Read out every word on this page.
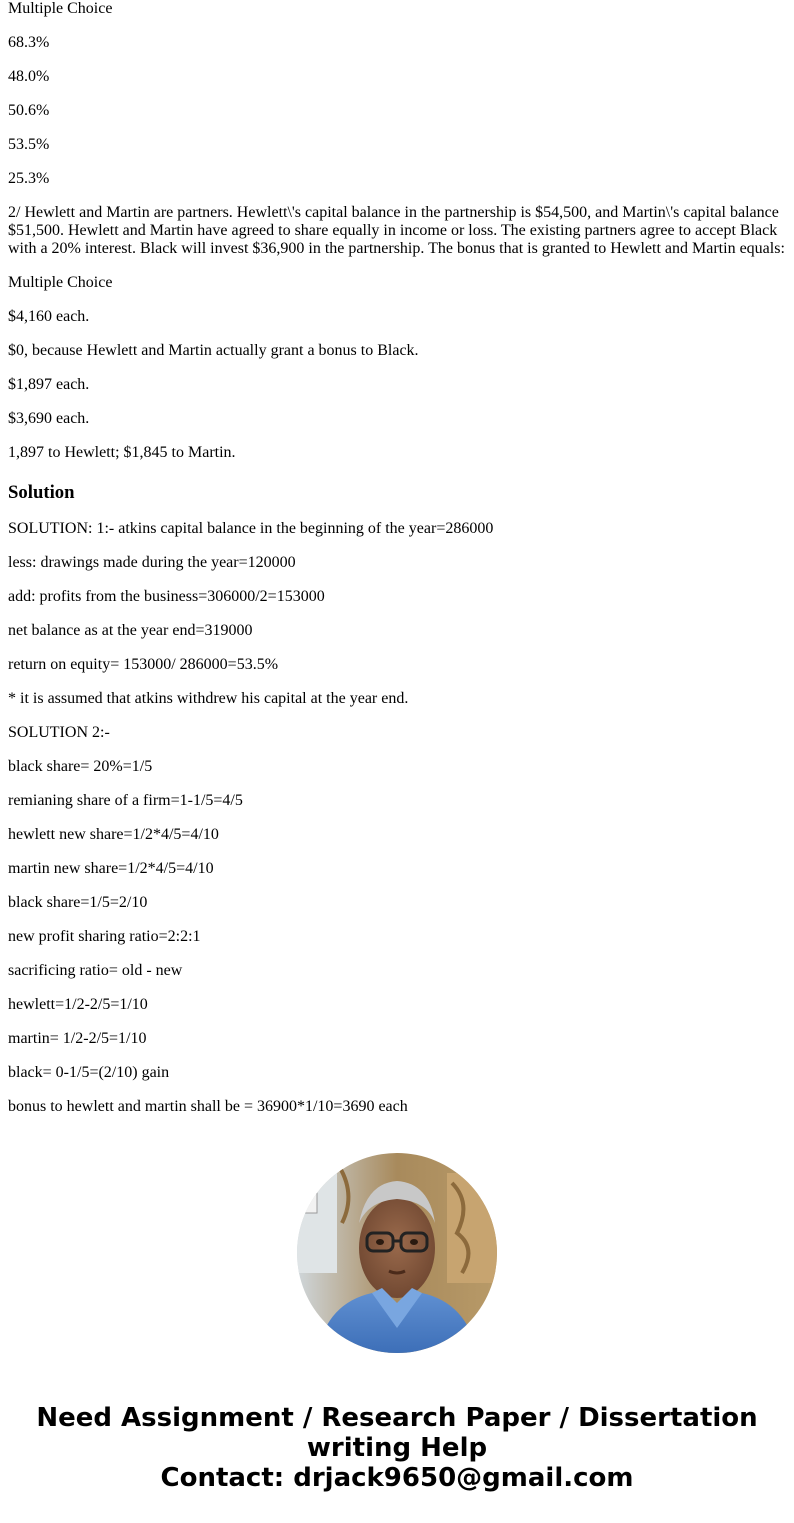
Multiple Choice

68.3%

48.0%

50.6%

53.5%

25.3%

2/ Hewlett and Martin are partners. Hewlett\'s capital balance in the partnership is $54,500, and Martin\'s capital balance $51,500. Hewlett and Martin have agreed to share equally in income or loss. The existing partners agree to accept Black with a 20% interest. Black will invest $36,900 in the partnership. The bonus that is granted to Hewlett and Martin equals:

Multiple Choice

$4,160 each.

$0, because Hewlett and Martin actually grant a bonus to Black.

$1,897 each.

$3,690 each.

1,897 to Hewlett; $1,845 to Martin.

Solution

SOLUTION: 1:- atkins capital balance in the beginning of the year=286000

less: drawings made during the year=120000

add: profits from the business=306000/2=153000

net balance as at the year end=319000

return on equity= 153000/ 286000=53.5%

* it is assumed that atkins withdrew his capital at the year end.

SOLUTION 2:-

black share= 20%=1/5

remianing share of a firm=1-1/5=4/5

hewlett new share=1/2*4/5=4/10

martin new share=1/2*4/5=4/10

black share=1/5=2/10

new profit sharing ratio=2:2:1

sacrificing ratio= old - new

hewlett=1/2-2/5=1/10

martin= 1/2-2/5=1/10

black= 0-1/5=(2/10) gain

bonus to hewlett and martin shall be = 36900*1/10=3690 each

Need Assignment / Research Paper / Dissertation
writing Help
Contact: drjack9650@gmail.com
